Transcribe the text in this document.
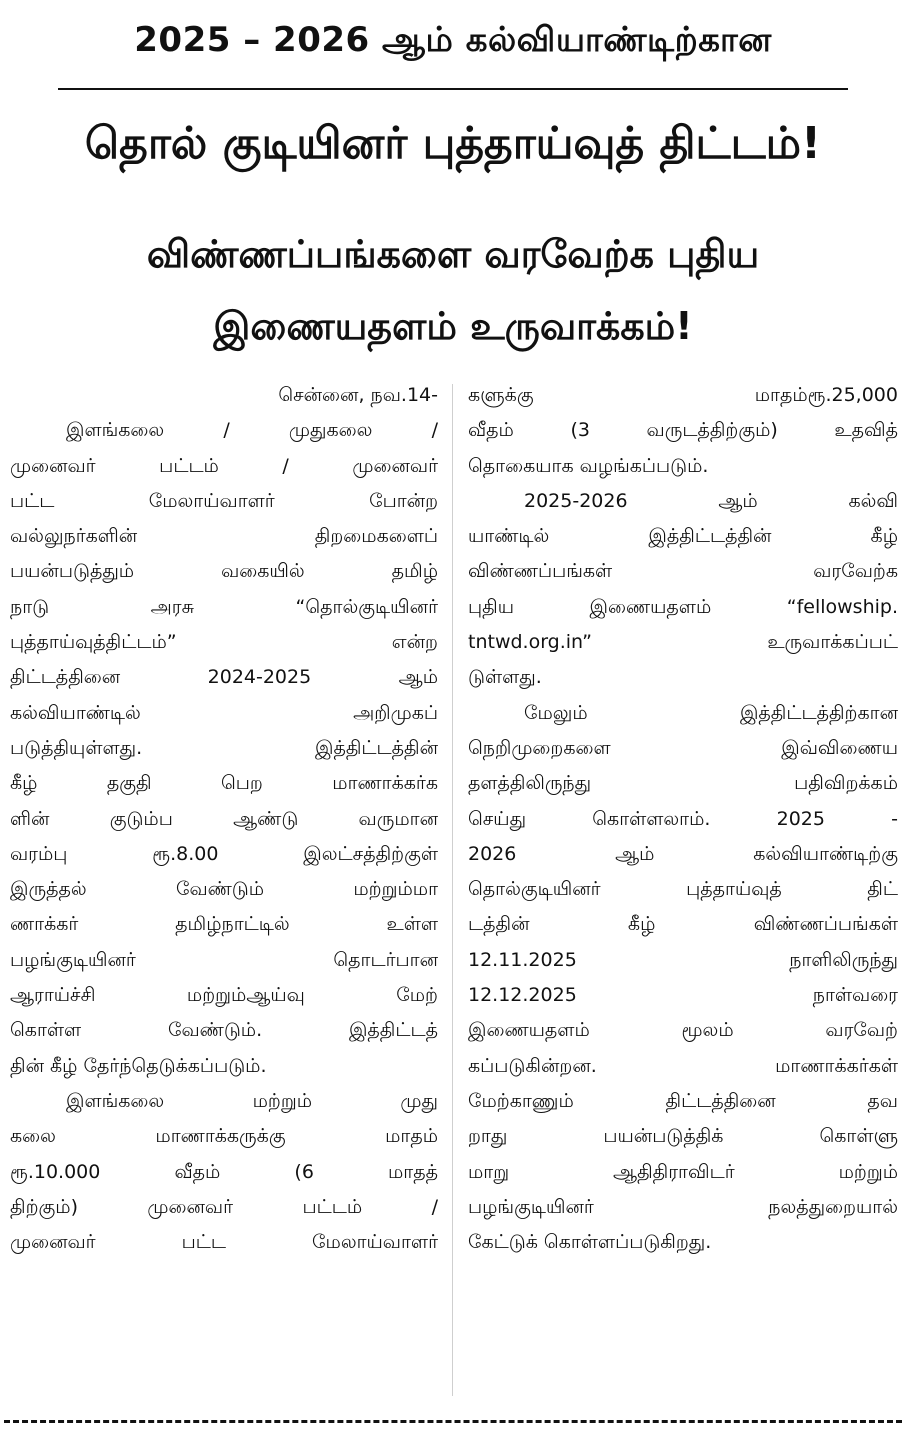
2025 – 2026 ஆம் கல்வியாண்டிற்கான
தொல் குடியினர் புத்தாய்வுத் திட்டம்!
விண்ணப்பங்களை வரவேற்க புதிய
இணையதளம் உருவாக்கம்!
சென்னை, நவ.14-
இளங்கலை / முதுகலை /
முனைவர் பட்டம் / முனைவர்
பட்ட மேலாய்வாளர் போன்ற
வல்லுநர்களின் திறமைகளைப்
பயன்படுத்தும் வகையில் தமிழ்
நாடு அரசு “தொல்குடியினர்
புத்தாய்வுத்திட்டம்” என்ற
திட்டத்தினை 2024-2025 ஆம்
கல்வியாண்டில் அறிமுகப்
படுத்தியுள்ளது. இத்திட்டத்தின்
கீழ் தகுதி பெற மாணாக்கர்க
ளின் குடும்ப ஆண்டு வருமான
வரம்பு ரூ.8.00 இலட்சத்திற்குள்
இருத்தல் வேண்டும் மற்றும்மா
ணாக்கர் தமிழ்நாட்டில் உள்ள
பழங்குடியினர் தொடர்பான
ஆராய்ச்சி மற்றும்ஆய்வு மேற்
கொள்ள வேண்டும். இத்திட்டத்
தின் கீழ் தேர்ந்தெடுக்கப்படும்.
இளங்கலை மற்றும் முது
கலை மாணாக்கருக்கு மாதம்
ரூ.10.000 வீதம் (6 மாதத்
திற்கும்) முனைவர் பட்டம் /
முனைவர் பட்ட மேலாய்வாளர்
களுக்கு மாதம்ரூ.25,000
வீதம் (3 வருடத்திற்கும்) உதவித்
தொகையாக வழங்கப்படும்.
2025-2026 ஆம் கல்வி
யாண்டில் இத்திட்டத்தின் கீழ்
விண்ணப்பங்கள் வரவேற்க
புதிய இணையதளம் “fellowship.
tntwd.org.in” உருவாக்கப்பட்
டுள்ளது.
மேலும் இத்திட்டத்திற்கான
நெறிமுறைகளை இவ்விணைய
தளத்திலிருந்து பதிவிறக்கம்
செய்து கொள்ளலாம். 2025 -
2026 ஆம் கல்வியாண்டிற்கு
தொல்குடியினர் புத்தாய்வுத் திட்
டத்தின் கீழ் விண்ணப்பங்கள்
12.11.2025 நாளிலிருந்து
12.12.2025 நாள்வரை
இணையதளம் மூலம் வரவேற்
கப்படுகின்றன. மாணாக்கர்கள்
மேற்காணும் திட்டத்தினை தவ
றாது பயன்படுத்திக் கொள்ளு
மாறு ஆதிதிராவிடர் மற்றும்
பழங்குடியினர் நலத்துறையால்
கேட்டுக் கொள்ளப்படுகிறது.
